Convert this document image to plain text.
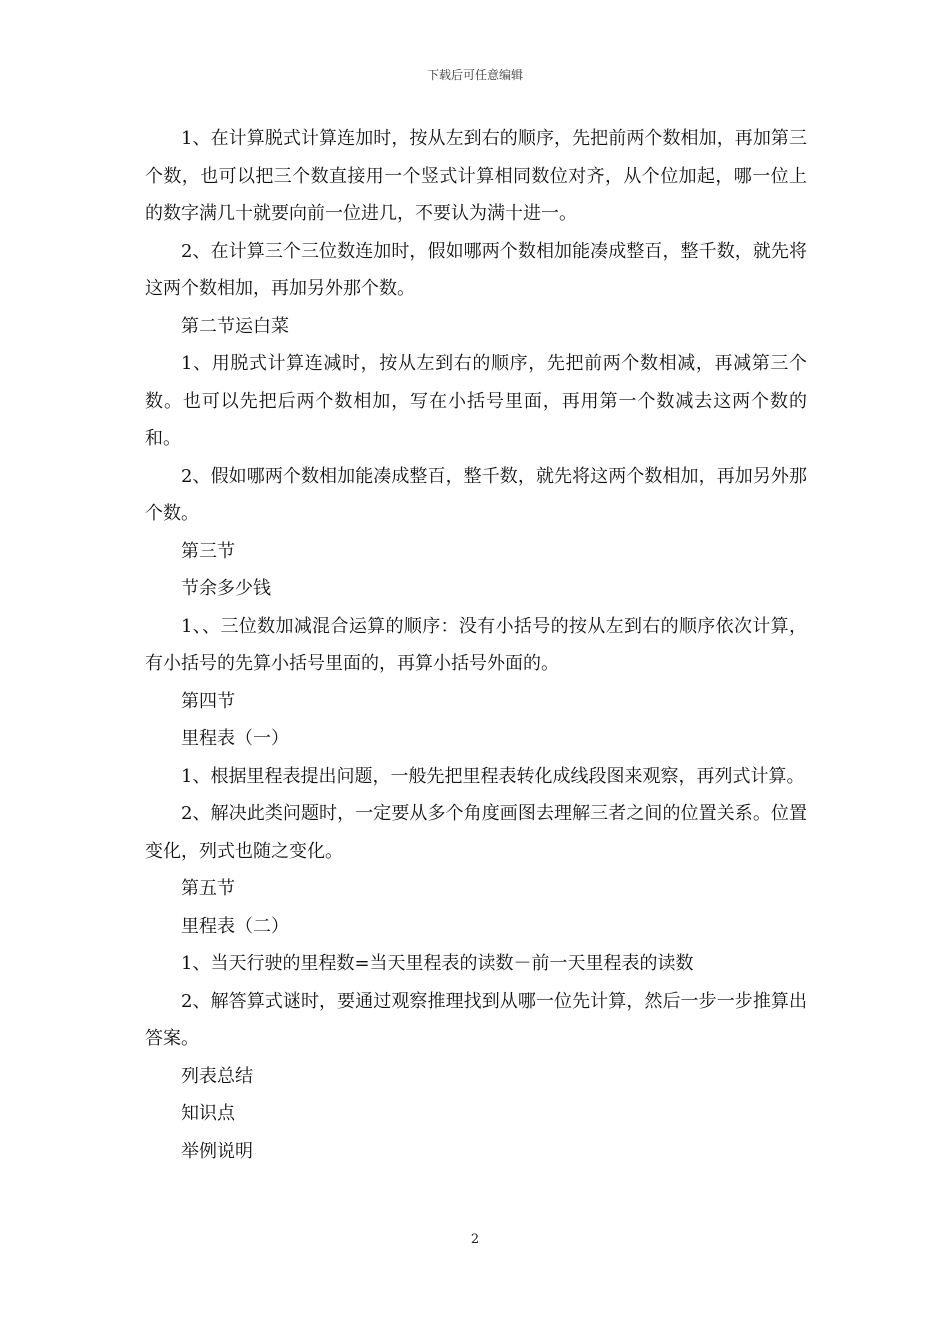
下载后可任意编辑

1、在计算脱式计算连加时，按从左到右的顺序，先把前两个数相加，再加第三个数，也可以把三个数直接用一个竖式计算相同数位对齐，从个位加起，哪一位上的数字满几十就要向前一位进几，不要认为满十进一。

2、在计算三个三位数连加时，假如哪两个数相加能凑成整百，整千数，就先将这两个数相加，再加另外那个数。

第二节运白菜

1、用脱式计算连减时，按从左到右的顺序，先把前两个数相减，再减第三个数。也可以先把后两个数相加，写在小括号里面，再用第一个数减去这两个数的和。

2、假如哪两个数相加能凑成整百，整千数，就先将这两个数相加，再加另外那个数。

第三节

节余多少钱

1、、三位数加减混合运算的顺序：没有小括号的按从左到右的顺序依次计算，有小括号的先算小括号里面的，再算小括号外面的。

第四节

里程表（一）

1、根据里程表提出问题，一般先把里程表转化成线段图来观察，再列式计算。

2、解决此类问题时，一定要从多个角度画图去理解三者之间的位置关系。位置变化，列式也随之变化。

第五节

里程表（二）

1、当天行驶的里程数=当天里程表的读数－前一天里程表的读数

2、解答算式谜时，要通过观察推理找到从哪一位先计算，然后一步一步推算出答案。

列表总结

知识点

举例说明

2
